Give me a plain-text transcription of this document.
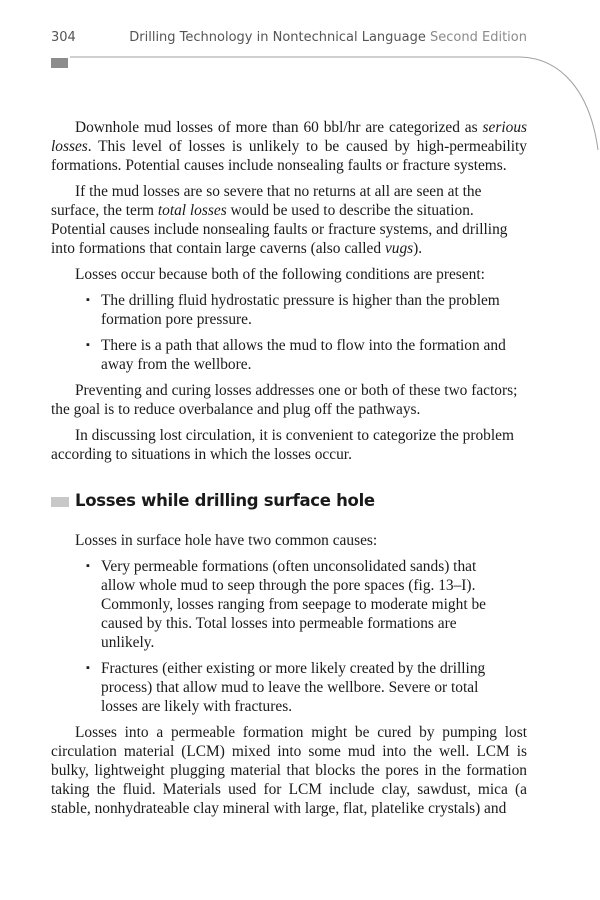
304	Drilling Technology in Nontechnical Language Second Edition

Downhole mud losses of more than 60 bbl/hr are categorized as serious losses. This level of losses is unlikely to be caused by high-permeability formations. Potential causes include nonsealing faults or fracture systems.

If the mud losses are so severe that no returns at all are seen at the surface, the term total losses would be used to describe the situation. Potential causes include nonsealing faults or fracture systems, and drilling into formations that contain large caverns (also called vugs).

Losses occur because both of the following conditions are present:

▪ The drilling fluid hydrostatic pressure is higher than the problem formation pore pressure.
▪ There is a path that allows the mud to flow into the formation and away from the wellbore.

Preventing and curing losses addresses one or both of these two factors; the goal is to reduce overbalance and plug off the pathways.

In discussing lost circulation, it is convenient to categorize the problem according to situations in which the losses occur.

Losses while drilling surface hole

Losses in surface hole have two common causes:

▪ Very permeable formations (often unconsolidated sands) that allow whole mud to seep through the pore spaces (fig. 13–I). Commonly, losses ranging from seepage to moderate might be caused by this. Total losses into permeable formations are unlikely.
▪ Fractures (either existing or more likely created by the drilling process) that allow mud to leave the wellbore. Severe or total losses are likely with fractures.

Losses into a permeable formation might be cured by pumping lost circulation material (LCM) mixed into some mud into the well. LCM is bulky, lightweight plugging material that blocks the pores in the formation taking the fluid. Materials used for LCM include clay, sawdust, mica (a stable, nonhydrateable clay mineral with large, flat, platelike crystals) and
